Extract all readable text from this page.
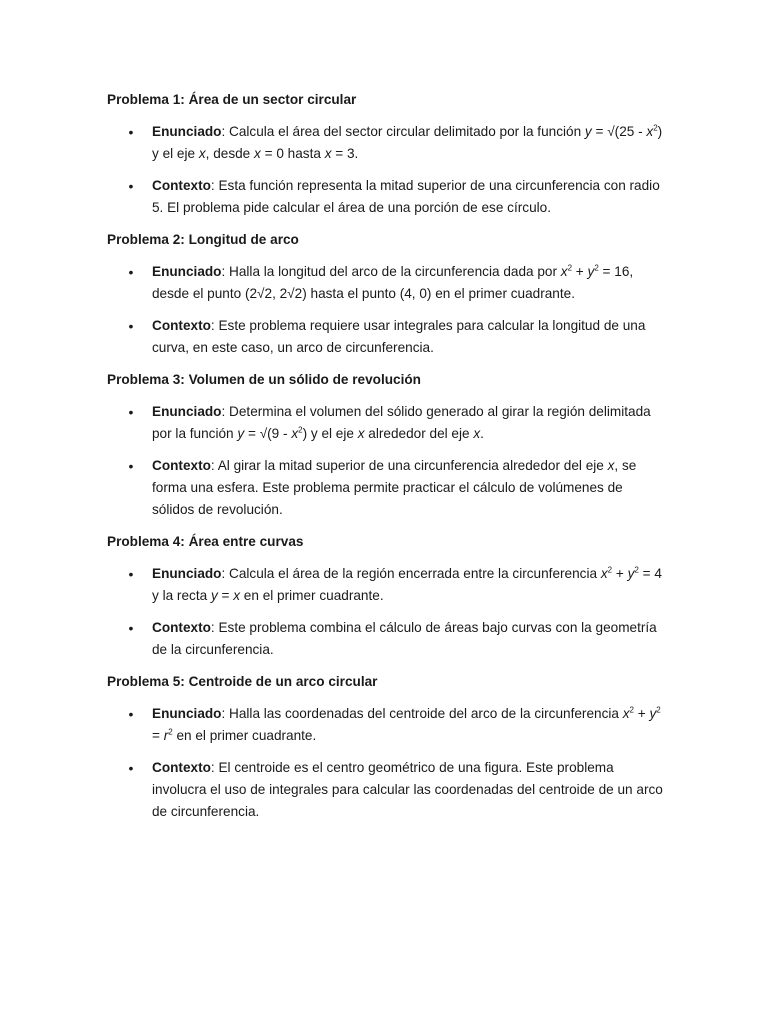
Problema 1: Área de un sector circular

• Enunciado: Calcula el área del sector circular delimitado por la función $y = √(25 - x^2)$ y el eje x, desde x = 0 hasta x = 3.
• Contexto: Esta función representa la mitad superior de una circunferencia con radio 5. El problema pide calcular el área de una porción de ese círculo.

Problema 2: Longitud de arco

• Enunciado: Halla la longitud del arco de la circunferencia dada por $x^2 + y^2 = 16$, desde el punto (2√2, 2√2) hasta el punto (4, 0) en el primer cuadrante.
• Contexto: Este problema requiere usar integrales para calcular la longitud de una curva, en este caso, un arco de circunferencia.

Problema 3: Volumen de un sólido de revolución

• Enunciado: Determina el volumen del sólido generado al girar la región delimitada por la función $y = √(9 - x^2)$ y el eje x alrededor del eje x.
• Contexto: Al girar la mitad superior de una circunferencia alrededor del eje x, se forma una esfera. Este problema permite practicar el cálculo de volúmenes de sólidos de revolución.

Problema 4: Área entre curvas

• Enunciado: Calcula el área de la región encerrada entre la circunferencia $x^2 + y^2 = 4$ y la recta y = x en el primer cuadrante.
• Contexto: Este problema combina el cálculo de áreas bajo curvas con la geometría de la circunferencia.

Problema 5: Centroide de un arco circular

• Enunciado: Halla las coordenadas del centroide del arco de la circunferencia $x^2 + y^2 = r^2$ en el primer cuadrante.
• Contexto: El centroide es el centro geométrico de una figura. Este problema involucra el uso de integrales para calcular las coordenadas del centroide de un arco de circunferencia.
